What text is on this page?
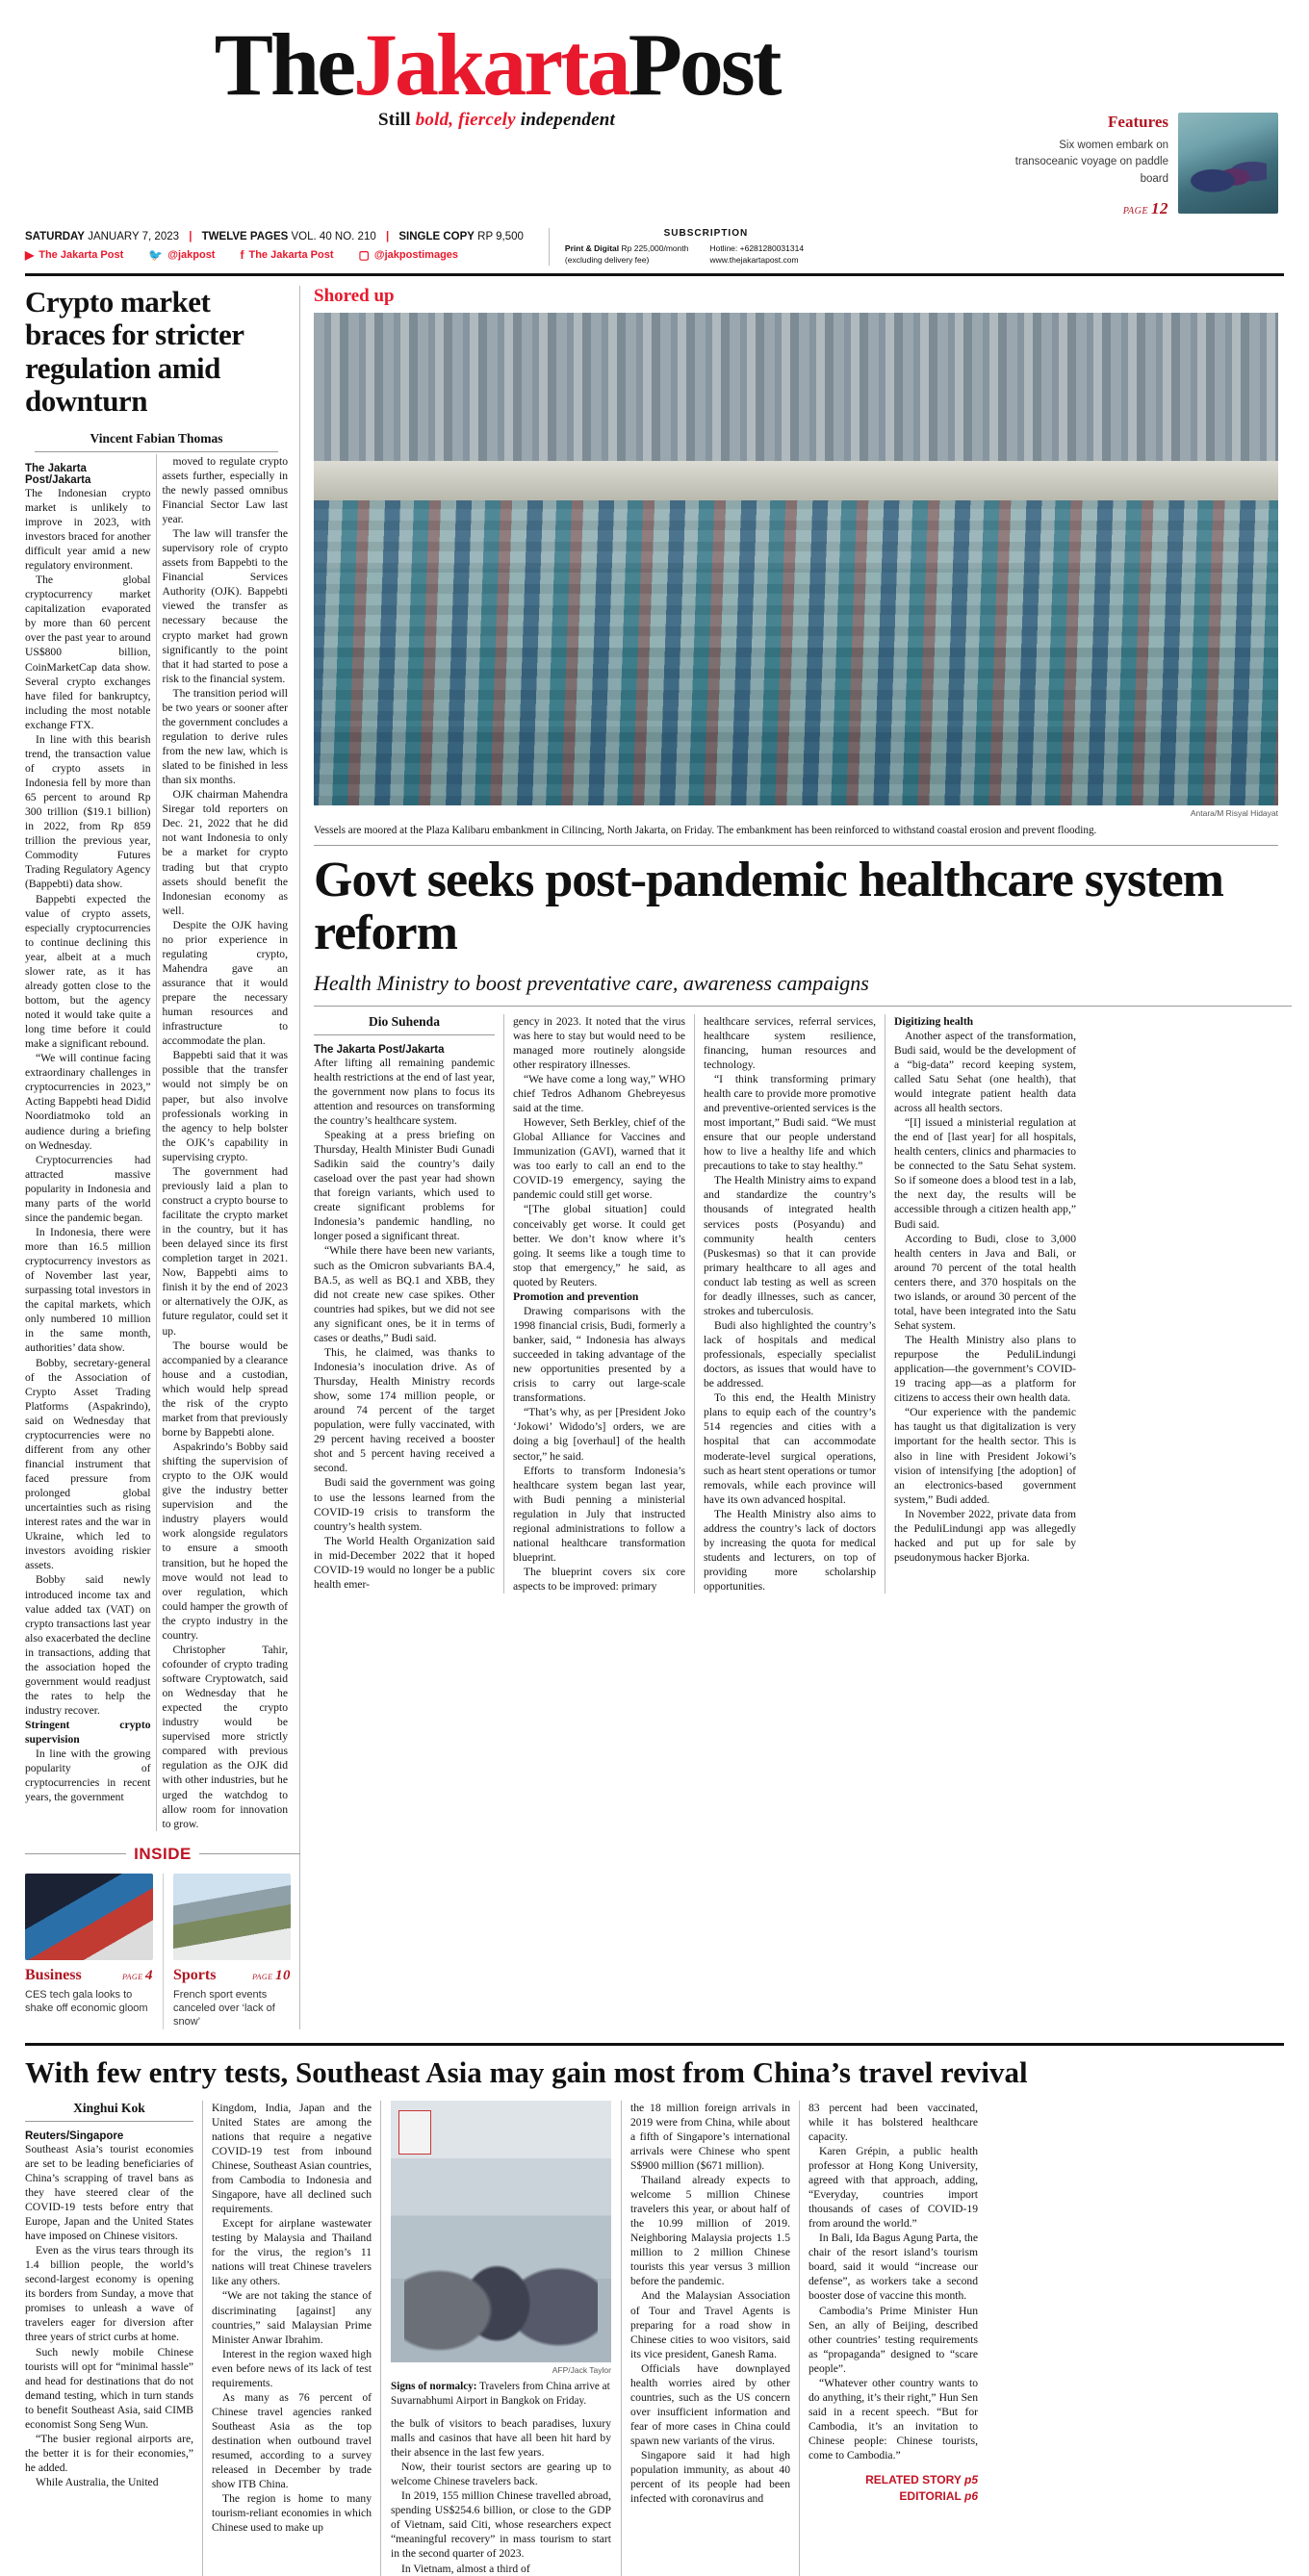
TheJakartaPost
Still bold, fiercely independent	Features
Six women embark on transoceanic voyage on paddle board
PAGE 12
SATURDAY JANUARY 7, 2023 | TWELVE PAGES VOL. 40 NO. 210 | SINGLE COPY RP 9,500
▶ The Jakarta Post 🐦 @jakpost f The Jakarta Post ▢ @jakpostimages
SUBSCRIPTION
Print & Digital Rp 225,000/month
(excluding delivery fee)
Hotline: +6281280031314
www.thejakartapost.com
Crypto market braces for stricter regulation amid downturn
Vincent Fabian Thomas
The Jakarta Post/Jakarta

The Indonesian crypto market is unlikely to improve in 2023, with investors braced for another difficult year amid a new regulatory environment.

The global cryptocurrency market capitalization evaporated by more than 60 percent over the past year to around US$800 billion, CoinMarketCap data show. Several crypto exchanges have filed for bankruptcy, including the most notable exchange FTX.

In line with this bearish trend, the transaction value of crypto assets in Indonesia fell by more than 65 percent to around Rp 300 trillion ($19.1 billion) in 2022, from Rp 859 trillion the previous year, Commodity Futures Trading Regulatory Agency (Bappebti) data show.

Bappebti expected the value of crypto assets, especially cryptocurrencies to continue declining this year, albeit at a much slower rate, as it has already gotten close to the bottom, but the agency noted it would take quite a long time before it could make a significant rebound.

“We will continue facing extraordinary challenges in cryptocurrencies in 2023,” Acting Bappebti head Didid Noordiatmoko told an audience during a briefing on Wednesday.

Cryptocurrencies had attracted massive popularity in Indonesia and many parts of the world since the pandemic began.

In Indonesia, there were more than 16.5 million cryptocurrency investors as of November last year, surpassing total investors in the capital markets, which only numbered 10 million in the same month, authorities’ data show.

Bobby, secretary-general of the Association of Crypto Asset Trading Platforms (Aspakrindo), said on Wednesday that cryptocurrencies were no different from any other financial instrument that faced pressure from prolonged global uncertainties such as rising interest rates and the war in Ukraine, which led to investors avoiding riskier assets.

Bobby said newly introduced income tax and value added tax (VAT) on crypto transactions last year also exacerbated the decline in transactions, adding that the association hoped the government would readjust the rates to help the industry recover.

Stringent crypto supervision

In line with the growing popularity of cryptocurrencies in recent years, the government

moved to regulate crypto assets further, especially in the newly passed omnibus Financial Sector Law last year.

The law will transfer the supervisory role of crypto assets from Bappebti to the Financial Services Authority (OJK). Bappebti viewed the transfer as necessary because the crypto market had grown significantly to the point that it had started to pose a risk to the financial system.

The transition period will be two years or sooner after the government concludes a regulation to derive rules from the new law, which is slated to be finished in less than six months.

OJK chairman Mahendra Siregar told reporters on Dec. 21, 2022 that he did not want Indonesia to only be a market for crypto trading but that crypto assets should benefit the Indonesian economy as well.

Despite the OJK having no prior experience in regulating crypto, Mahendra gave an assurance that it would prepare the necessary human resources and infrastructure to accommodate the plan.

Bappebti said that it was possible that the transfer would not simply be on paper, but also involve professionals working in the agency to help bolster the OJK’s capability in supervising crypto.

The government had previously laid a plan to construct a crypto bourse to facilitate the crypto market in the country, but it has been delayed since its first completion target in 2021. Now, Bappebti aims to finish it by the end of 2023 or alternatively the OJK, as future regulator, could set it up.

The bourse would be accompanied by a clearance house and a custodian, which would help spread the risk of the crypto market from that previously borne by Bappebti alone.

Aspakrindo’s Bobby said shifting the supervision of crypto to the OJK would give the industry better supervision and the industry players would work alongside regulators to ensure a smooth transition, but he hoped the move would not lead to over regulation, which could hamper the growth of the crypto industry in the country.

Christopher Tahir, cofounder of crypto trading software Cryptowatch, said on Wednesday that he expected the crypto industry would be supervised more strictly compared with previous regulation as the OJK did with other industries, but he urged the watchdog to allow room for innovation to grow.

INSIDE
Business	PAGE 4
CES tech gala looks to shake off economic gloom
Sports	PAGE 10
French sport events canceled over ‘lack of snow’
Shored up
Antara/M Risyal Hidayat
Vessels are moored at the Plaza Kalibaru embankment in Cilincing, North Jakarta, on Friday. The embankment has been reinforced to withstand coastal erosion and prevent flooding.
Govt seeks post-pandemic healthcare system reform
Health Ministry to boost preventative care, awareness campaigns
Dio Suhenda
The Jakarta Post/Jakarta

After lifting all remaining pandemic health restrictions at the end of last year, the government now plans to focus its attention and resources on transforming the country’s healthcare system.

Speaking at a press briefing on Thursday, Health Minister Budi Gunadi Sadikin said the country’s daily caseload over the past year had shown that foreign variants, which used to create significant problems for Indonesia’s pandemic handling, no longer posed a significant threat.

“While there have been new variants, such as the Omicron subvariants BA.4, BA.5, as well as BQ.1 and XBB, they did not create new case spikes. Other countries had spikes, but we did not see any significant ones, be it in terms of cases or deaths,” Budi said.

This, he claimed, was thanks to Indonesia’s inoculation drive. As of Thursday, Health Ministry records show, some 174 million people, or around 74 percent of the target population, were fully vaccinated, with 29 percent having received a booster shot and 5 percent having received a second.

Budi said the government was going to use the lessons learned from the COVID-19 crisis to transform the country’s health system.

The World Health Organization said in mid-December 2022 that it hoped COVID-19 would no longer be a public health emer-

gency in 2023. It noted that the virus was here to stay but would need to be managed more routinely alongside other respiratory illnesses.

“We have come a long way,” WHO chief Tedros Adhanom Ghebreyesus said at the time.

However, Seth Berkley, chief of the Global Alliance for Vaccines and Immunization (GAVI), warned that it was too early to call an end to the COVID-19 emergency, saying the pandemic could still get worse.

“[The global situation] could conceivably get worse. It could get better. We don’t know where it’s going. It seems like a tough time to stop that emergency,” he said, as quoted by Reuters.

Promotion and prevention

Drawing comparisons with the 1998 financial crisis, Budi, formerly a banker, said, “ Indonesia has always succeeded in taking advantage of the new opportunities presented by a crisis to carry out large-scale transformations.

“That’s why, as per [President Joko ‘Jokowi’ Widodo’s] orders, we are doing a big [overhaul] of the health sector,” he said.

Efforts to transform Indonesia’s healthcare system began last year, with Budi penning a ministerial regulation in July that instructed regional administrations to follow a national healthcare transformation blueprint.

The blueprint covers six core aspects to be improved: primary

healthcare services, referral services, healthcare system resilience, financing, human resources and technology.

“I think transforming primary health care to provide more promotive and preventive-oriented services is the most important,” Budi said. “We must ensure that our people understand how to live a healthy life and which precautions to take to stay healthy.”

The Health Ministry aims to expand and standardize the country’s thousands of integrated health services posts (Posyandu) and community health centers (Puskesmas) so that it can provide primary healthcare to all ages and conduct lab testing as well as screen for deadly illnesses, such as cancer, strokes and tuberculosis.

Budi also highlighted the country’s lack of hospitals and medical professionals, especially specialist doctors, as issues that would have to be addressed.

To this end, the Health Ministry plans to equip each of the country’s 514 regencies and cities with a hospital that can accommodate moderate-level surgical operations, such as heart stent operations or tumor removals, while each province will have its own advanced hospital.

The Health Ministry also aims to address the country’s lack of doctors by increasing the quota for medical students and lecturers, on top of providing more scholarship opportunities.

Digitizing health

Another aspect of the transformation, Budi said, would be the development of a “big-data” record keeping system, called Satu Sehat (one health), that would integrate patient health data across all health sectors.

“[I] issued a ministerial regulation at the end of [last year] for all hospitals, health centers, clinics and pharmacies to be connected to the Satu Sehat system. So if someone does a blood test in a lab, the next day, the results will be accessible through a citizen health app,” Budi said.

According to Budi, close to 3,000 health centers in Java and Bali, or around 70 percent of the total health centers there, and 370 hospitals on the two islands, or around 30 percent of the total, have been integrated into the Satu Sehat system.

The Health Ministry also plans to repurpose the PeduliLindungi application—the government’s COVID-19 tracing app—as a platform for citizens to access their own health data.

“Our experience with the pandemic has taught us that digitalization is very important for the health sector. This is also in line with President Jokowi’s vision of intensifying [the adoption] of an electronics-based government system,” Budi added.

In November 2022, private data from the PeduliLindungi app was allegedly hacked and put up for sale by pseudonymous hacker Bjorka.

With few entry tests, Southeast Asia may gain most from China’s travel revival
Xinghui Kok
Reuters/Singapore

Southeast Asia’s tourist economies are set to be leading beneficiaries of China’s scrapping of travel bans as they have steered clear of the COVID-19 tests before entry that Europe, Japan and the United States have imposed on Chinese visitors.

Even as the virus tears through its 1.4 billion people, the world’s second-largest economy is opening its borders from Sunday, a move that promises to unleash a wave of travelers eager for diversion after three years of strict curbs at home.

Such newly mobile Chinese tourists will opt for “minimal hassle” and head for destinations that do not demand testing, which in turn stands to benefit Southeast Asia, said CIMB economist Song Seng Wun.

“The busier regional airports are, the better it is for their economies,” he added.

While Australia, the United

Kingdom, India, Japan and the United States are among the nations that require a negative COVID-19 test from inbound Chinese, Southeast Asian countries, from Cambodia to Indonesia and Singapore, have all declined such requirements.

Except for airplane wastewater testing by Malaysia and Thailand for the virus, the region’s 11 nations will treat Chinese travelers like any others.

“We are not taking the stance of discriminating [against] any countries,” said Malaysian Prime Minister Anwar Ibrahim.

Interest in the region waxed high even before news of its lack of test requirements.

As many as 76 percent of Chinese travel agencies ranked Southeast Asia as the top destination when outbound travel resumed, according to a survey released in December by trade show ITB China.

The region is home to many tourism-reliant economies in which Chinese used to make up

AFP/Jack Taylor
Signs of normalcy: Travelers from China arrive at Suvarnabhumi Airport in Bangkok on Friday.

the bulk of visitors to beach paradises, luxury malls and casinos that have all been hit hard by their absence in the last few years.

Now, their tourist sectors are gearing up to welcome Chinese travelers back.

In 2019, 155 million Chinese travelled abroad, spending US$254.6 billion, or close to the GDP of Vietnam, said Citi, whose researchers expect “meaningful recovery” in mass tourism to start in the second quarter of 2023.

In Vietnam, almost a third of

the 18 million foreign arrivals in 2019 were from China, while about a fifth of Singapore’s international arrivals were Chinese who spent S$900 million ($671 million).

Thailand already expects to welcome 5 million Chinese travelers this year, or about half of the 10.99 million of 2019. Neighboring Malaysia projects 1.5 million to 2 million Chinese tourists this year versus 3 million before the pandemic.

And the Malaysian Association of Tour and Travel Agents is preparing for a road show in Chinese cities to woo visitors, said its vice president, Ganesh Rama.

Officials have downplayed health worries aired by other countries, such as the US concern over insufficient information and fear of more cases in China could spawn new variants of the virus.

Singapore said it had high population immunity, as about 40 percent of its people had been infected with coronavirus and

83 percent had been vaccinated, while it has bolstered healthcare capacity.

Karen Grépin, a public health professor at Hong Kong University, agreed with that approach, adding, “Everyday, countries import thousands of cases of COVID-19 from around the world.”

In Bali, Ida Bagus Agung Parta, the chair of the resort island’s tourism board, said it would “increase our defense”, as workers take a second booster dose of vaccine this month.

Cambodia’s Prime Minister Hun Sen, an ally of Beijing, described other countries’ testing requirements as “propaganda” designed to “scare people”.

“Whatever other country wants to do anything, it’s their right,” Hun Sen said in a recent speech. “But for Cambodia, it’s an invitation to Chinese people: Chinese tourists, come to Cambodia.”

RELATED STORY p5
EDITORIAL p6
